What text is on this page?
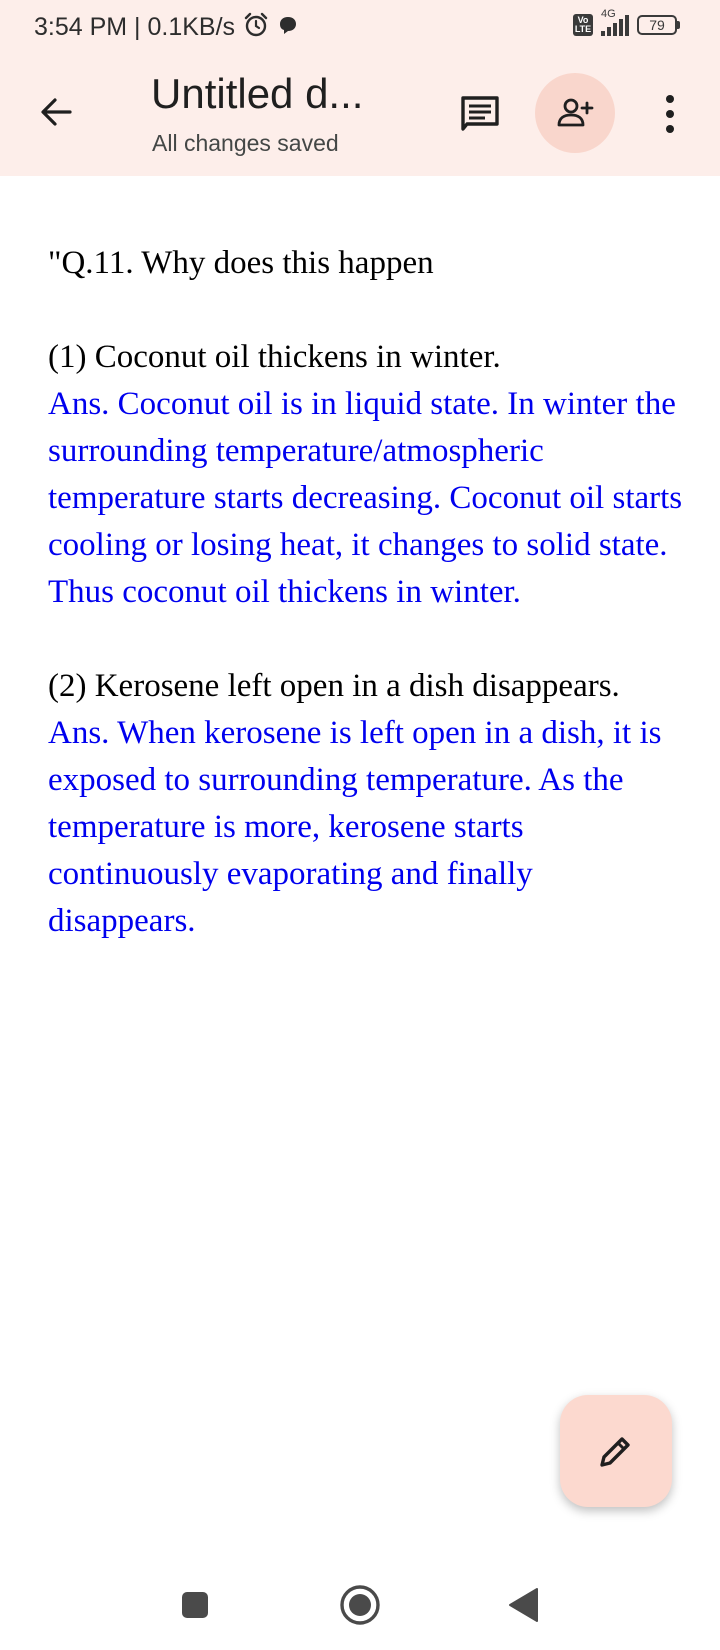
3:54 PM | 0.1KB/s	Vo LTE
4G
79
Untitled d...
All changes saved

"Q.11. Why does this happen

(1) Coconut oil thickens in winter.

Ans. Coconut oil is in liquid state. In winter the surrounding temperature/atmospheric temperature starts decreasing. Coconut oil starts cooling or losing heat, it changes to solid state. Thus coconut oil thickens in winter.

(2) Kerosene left open in a dish disappears.

Ans. When kerosene is left open in a dish, it is exposed to surrounding temperature. As the temperature is more, kerosene starts continuously evaporating and finally disappears.
